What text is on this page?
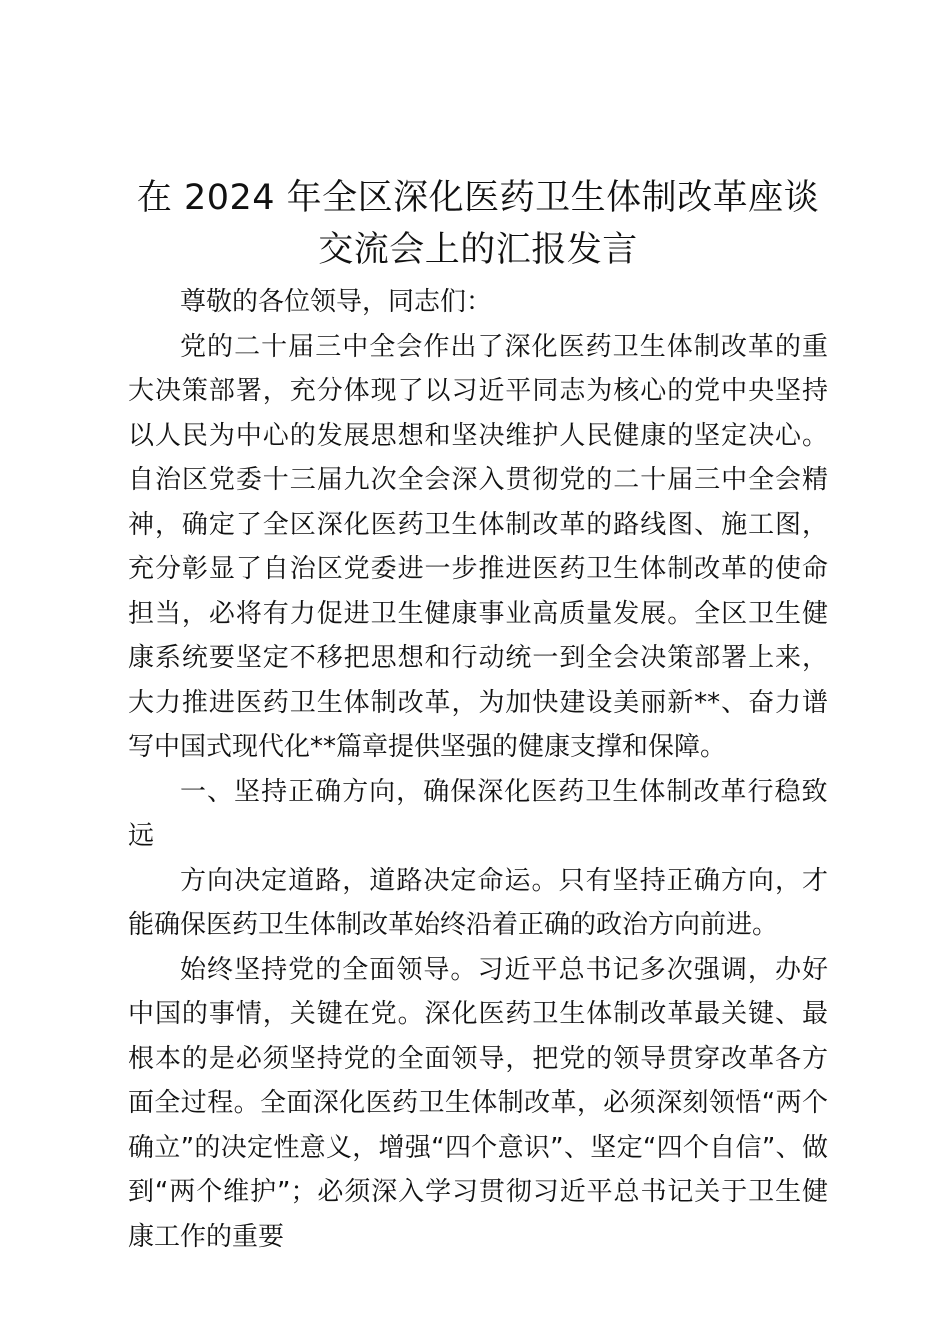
在 2024 年全区深化医药卫生体制改革座谈交流会上的汇报发言

尊敬的各位领导，同志们：

党的二十届三中全会作出了深化医药卫生体制改革的重大决策部署，充分体现了以习近平同志为核心的党中央坚持以人民为中心的发展思想和坚决维护人民健康的坚定决心。自治区党委十三届九次全会深入贯彻党的二十届三中全会精神，确定了全区深化医药卫生体制改革的路线图、施工图，充分彰显了自治区党委进一步推进医药卫生体制改革的使命担当，必将有力促进卫生健康事业高质量发展。全区卫生健康系统要坚定不移把思想和行动统一到全会决策部署上来，大力推进医药卫生体制改革，为加快建设美丽新**、奋力谱写中国式现代化**篇章提供坚强的健康支撑和保障。

一、坚持正确方向，确保深化医药卫生体制改革行稳致远

方向决定道路，道路决定命运。只有坚持正确方向，才能确保医药卫生体制改革始终沿着正确的政治方向前进。

始终坚持党的全面领导。习近平总书记多次强调，办好中国的事情，关键在党。深化医药卫生体制改革最关键、最根本的是必须坚持党的全面领导，把党的领导贯穿改革各方面全过程。全面深化医药卫生体制改革，必须深刻领悟“两个确立”的决定性意义，增强“四个意识”、坚定“四个自信”、做到“两个维护”；必须深入学习贯彻习近平总书记关于卫生健康工作的重要
